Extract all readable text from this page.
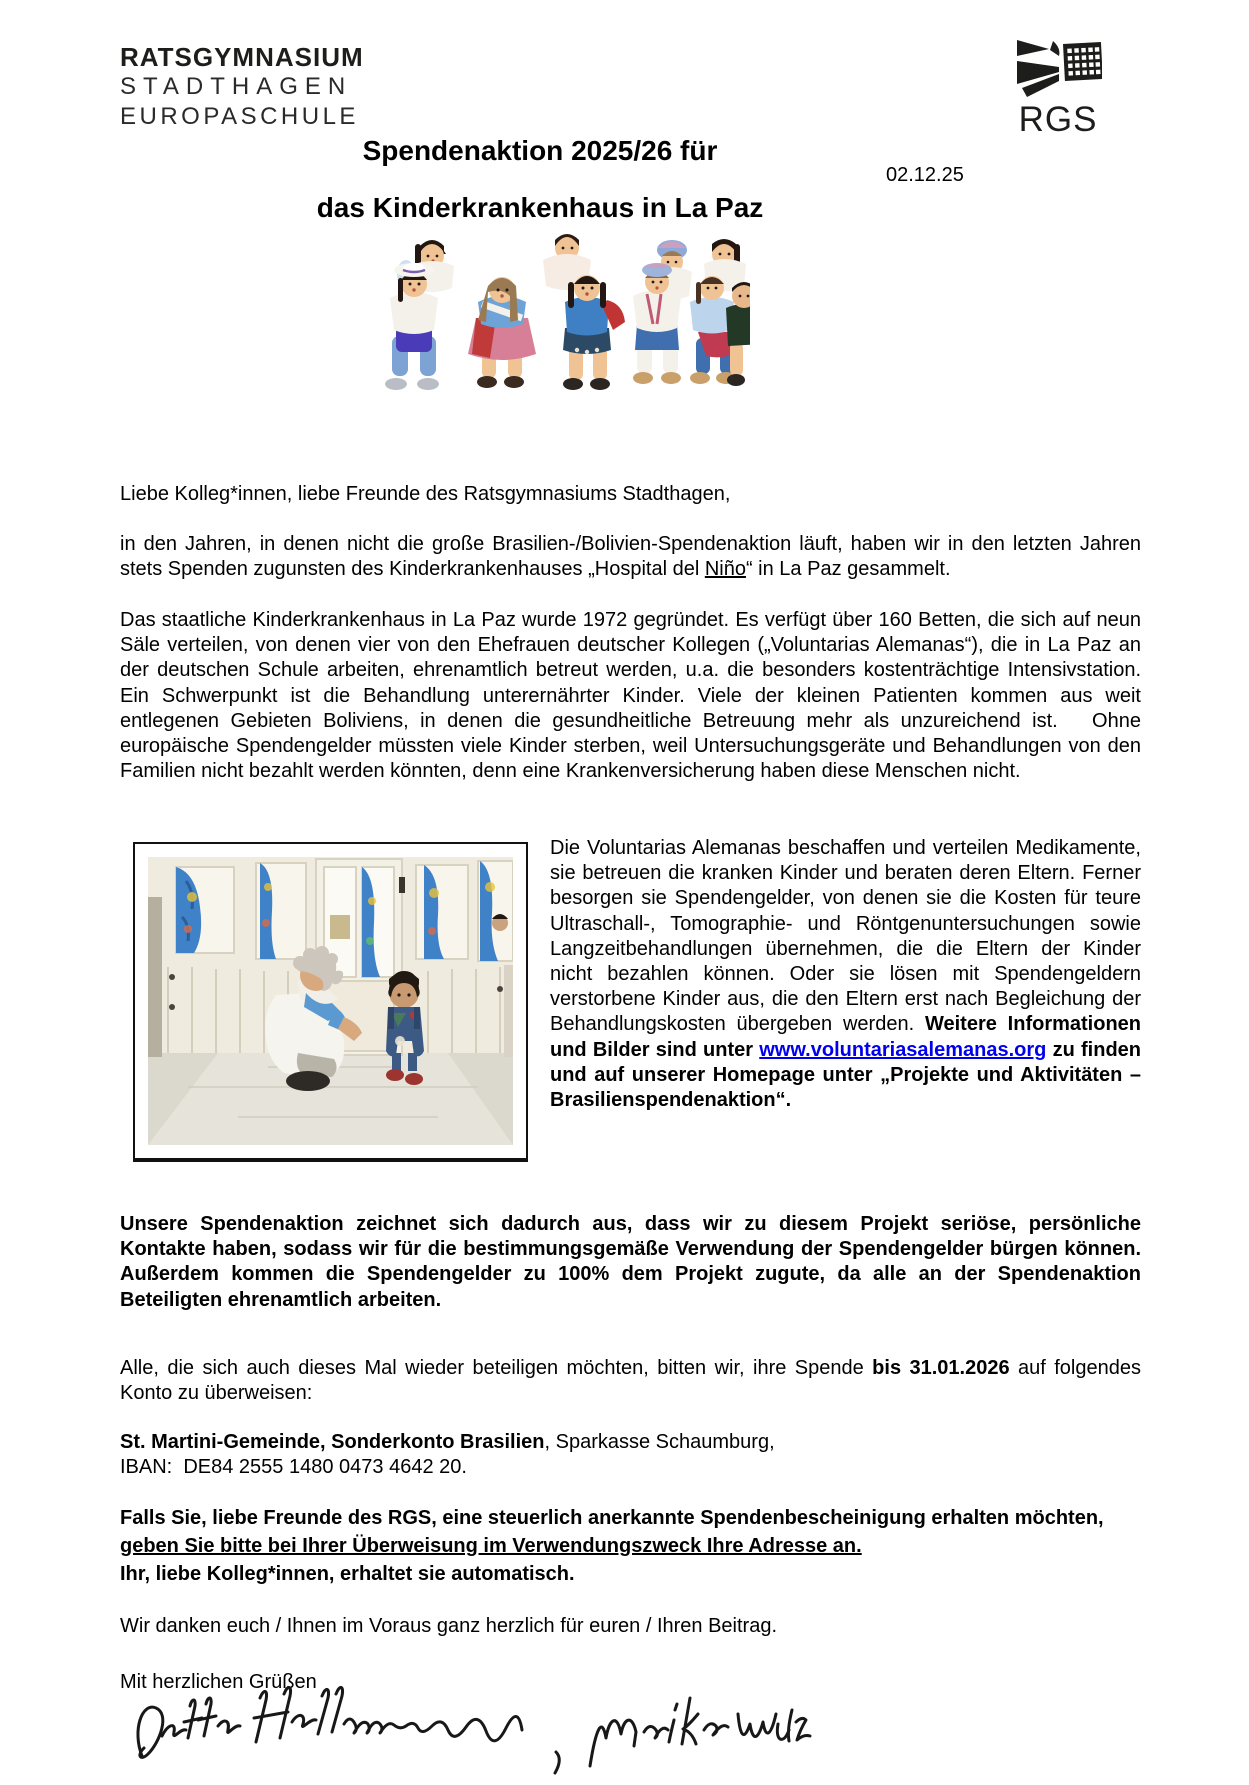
RATSGYMNASIUM
STADTHAGEN
EUROPASCHULE	RGS
02.12.25
Spendenaktion 2025/26 für
das Kinderkrankenhaus in La Paz

Liebe Kolleg*innen, liebe Freunde des Ratsgymnasiums Stadthagen,

in den Jahren, in denen nicht die große Brasilien-/Bolivien-Spendenaktion läuft, haben wir in den letzten Jahren stets Spenden zugunsten des Kinderkrankenhauses „Hospital del Niño“ in La Paz gesammelt.

Das staatliche Kinderkrankenhaus in La Paz wurde 1972 gegründet. Es verfügt über 160 Betten, die sich auf neun Säle verteilen, von denen vier von den Ehefrauen deutscher Kollegen („Voluntarias Alemanas“), die in La Paz an der deutschen Schule arbeiten, ehrenamtlich betreut werden, u.a. die besonders kostenträchtige Intensivstation. Ein Schwerpunkt ist die Behandlung unterernährter Kinder. Viele der kleinen Patienten kommen aus weit entlegenen Gebieten Boliviens, in denen die gesundheitliche Betreuung mehr als unzureichend ist.   Ohne europäische Spendengelder müssten viele Kinder sterben, weil Untersuchungsgeräte und Behandlungen von den Familien nicht bezahlt werden könnten, denn eine Krankenversicherung haben diese Menschen nicht.

Die Voluntarias Alemanas beschaffen und verteilen Medikamente, sie betreuen die kranken Kinder und beraten deren Eltern. Ferner besorgen sie Spendengelder, von denen sie die Kosten für teure Ultraschall-, Tomographie- und Röntgenuntersuchungen sowie Langzeitbehandlungen übernehmen, die die Eltern der Kinder nicht bezahlen können. Oder sie lösen mit Spendengeldern verstorbene Kinder aus, die den Eltern erst nach Begleichung der Behandlungskosten übergeben werden. Weitere Informationen und Bilder sind unter www.voluntariasalemanas.org zu finden und auf unserer Homepage unter „Projekte und Aktivitäten – Brasilienspendenaktion“.

Unsere Spendenaktion zeichnet sich dadurch aus, dass wir zu diesem Projekt seriöse, persönliche Kontakte haben, sodass wir für die bestimmungsgemäße Verwendung der Spendengelder bürgen können. Außerdem kommen die Spendengelder zu 100% dem Projekt zugute, da alle an der Spendenaktion Beteiligten ehrenamtlich arbeiten.

Alle, die sich auch dieses Mal wieder beteiligen möchten, bitten wir, ihre Spende bis 31.01.2026 auf folgendes Konto zu überweisen:

St. Martini-Gemeinde, Sonderkonto Brasilien, Sparkasse Schaumburg,
IBAN:  DE84 2555 1480 0473 4642 20.

Falls Sie, liebe Freunde des RGS, eine steuerlich anerkannte Spendenbescheinigung erhalten möchten, geben Sie bitte bei Ihrer Überweisung im Verwendungszweck Ihre Adresse an.
Ihr, liebe Kolleg*innen, erhaltet sie automatisch.

Wir danken euch / Ihnen im Voraus ganz herzlich für euren / Ihren Beitrag.

Mit herzlichen Grüßen
